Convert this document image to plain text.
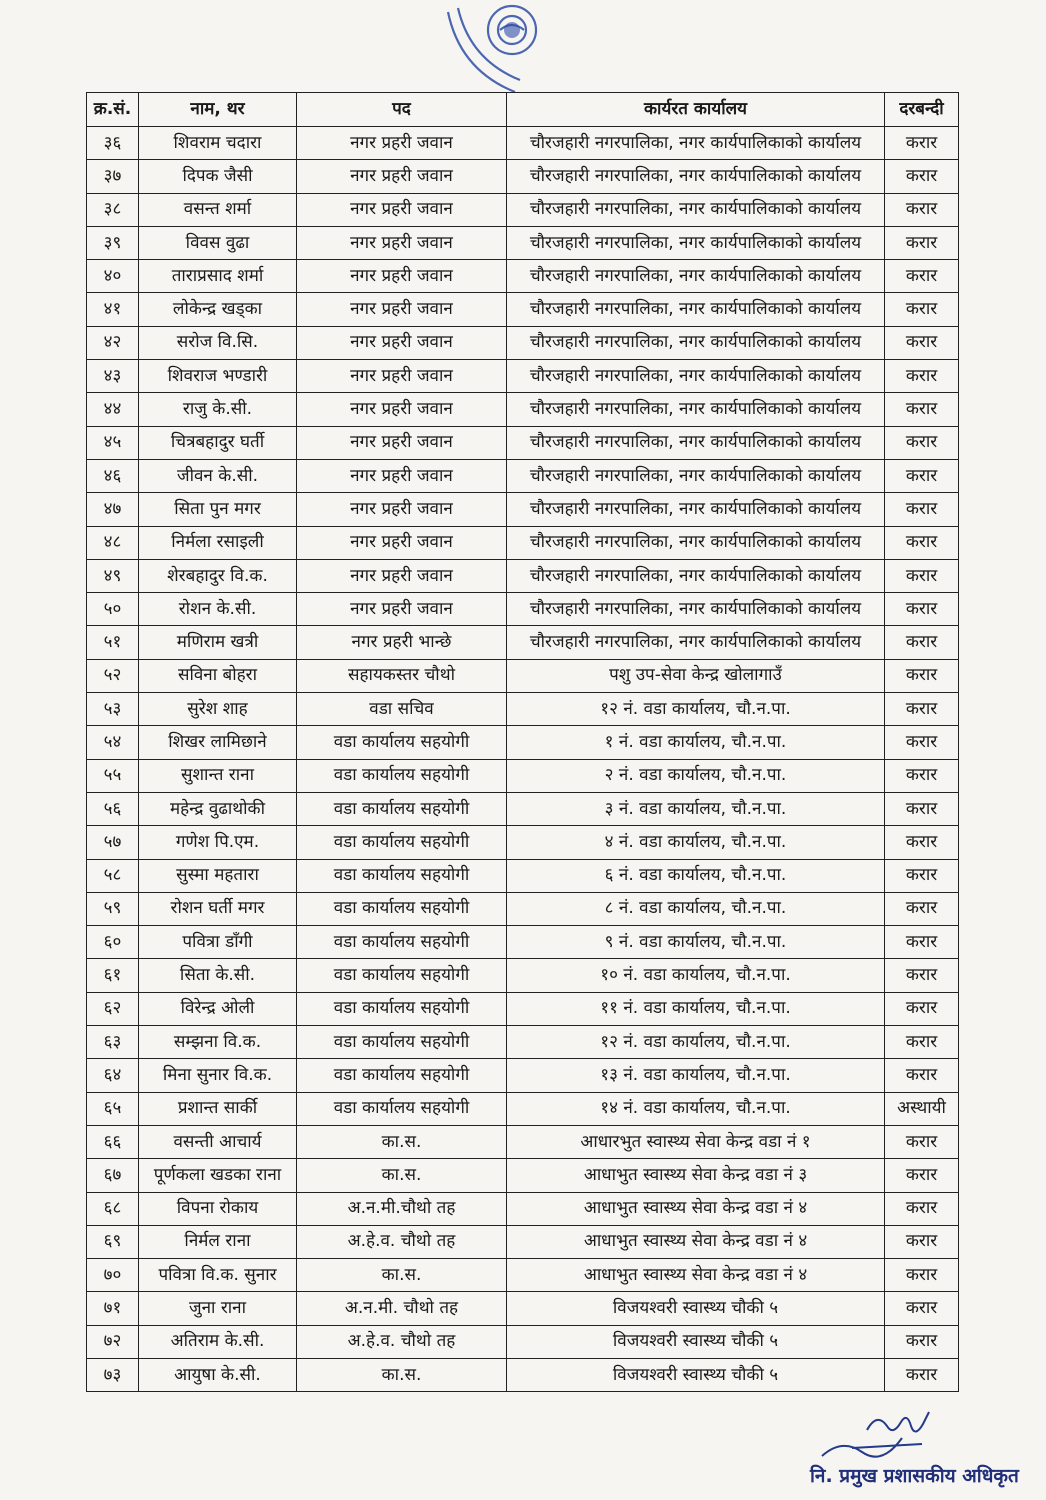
क्र.सं.	नाम, थर	पद	कार्यरत कार्यालय	दरबन्दी
३६	शिवराम चदारा	नगर प्रहरी जवान	चौरजहारी नगरपालिका, नगर कार्यपालिकाको कार्यालय	करार
३७	दिपक जैसी	नगर प्रहरी जवान	चौरजहारी नगरपालिका, नगर कार्यपालिकाको कार्यालय	करार
३८	वसन्त शर्मा	नगर प्रहरी जवान	चौरजहारी नगरपालिका, नगर कार्यपालिकाको कार्यालय	करार
३९	विवस वुढा	नगर प्रहरी जवान	चौरजहारी नगरपालिका, नगर कार्यपालिकाको कार्यालय	करार
४०	ताराप्रसाद शर्मा	नगर प्रहरी जवान	चौरजहारी नगरपालिका, नगर कार्यपालिकाको कार्यालय	करार
४१	लोकेन्द्र खड्का	नगर प्रहरी जवान	चौरजहारी नगरपालिका, नगर कार्यपालिकाको कार्यालय	करार
४२	सरोज वि.सि.	नगर प्रहरी जवान	चौरजहारी नगरपालिका, नगर कार्यपालिकाको कार्यालय	करार
४३	शिवराज भण्डारी	नगर प्रहरी जवान	चौरजहारी नगरपालिका, नगर कार्यपालिकाको कार्यालय	करार
४४	राजु के.सी.	नगर प्रहरी जवान	चौरजहारी नगरपालिका, नगर कार्यपालिकाको कार्यालय	करार
४५	चित्रबहादुर घर्ती	नगर प्रहरी जवान	चौरजहारी नगरपालिका, नगर कार्यपालिकाको कार्यालय	करार
४६	जीवन के.सी.	नगर प्रहरी जवान	चौरजहारी नगरपालिका, नगर कार्यपालिकाको कार्यालय	करार
४७	सिता पुन मगर	नगर प्रहरी जवान	चौरजहारी नगरपालिका, नगर कार्यपालिकाको कार्यालय	करार
४८	निर्मला रसाइली	नगर प्रहरी जवान	चौरजहारी नगरपालिका, नगर कार्यपालिकाको कार्यालय	करार
४९	शेरबहादुर वि.क.	नगर प्रहरी जवान	चौरजहारी नगरपालिका, नगर कार्यपालिकाको कार्यालय	करार
५०	रोशन के.सी.	नगर प्रहरी जवान	चौरजहारी नगरपालिका, नगर कार्यपालिकाको कार्यालय	करार
५१	मणिराम खत्री	नगर प्रहरी भान्छे	चौरजहारी नगरपालिका, नगर कार्यपालिकाको कार्यालय	करार
५२	सविना बोहरा	सहायकस्तर चौथो	पशु उप-सेवा केन्द्र खोलागाउँ	करार
५३	सुरेश शाह	वडा सचिव	१२ नं. वडा कार्यालय, चौ.न.पा.	करार
५४	शिखर लामिछाने	वडा कार्यालय सहयोगी	१ नं. वडा कार्यालय, चौ.न.पा.	करार
५५	सुशान्त राना	वडा कार्यालय सहयोगी	२ नं. वडा कार्यालय, चौ.न.पा.	करार
५६	महेन्द्र वुढाथोकी	वडा कार्यालय सहयोगी	३ नं. वडा कार्यालय, चौ.न.पा.	करार
५७	गणेश पि.एम.	वडा कार्यालय सहयोगी	४ नं. वडा कार्यालय, चौ.न.पा.	करार
५८	सुस्मा महतारा	वडा कार्यालय सहयोगी	६ नं. वडा कार्यालय, चौ.न.पा.	करार
५९	रोशन घर्ती मगर	वडा कार्यालय सहयोगी	८ नं. वडा कार्यालय, चौ.न.पा.	करार
६०	पवित्रा डाँगी	वडा कार्यालय सहयोगी	९ नं. वडा कार्यालय, चौ.न.पा.	करार
६१	सिता के.सी.	वडा कार्यालय सहयोगी	१० नं. वडा कार्यालय, चौ.न.पा.	करार
६२	विरेन्द्र ओली	वडा कार्यालय सहयोगी	११ नं. वडा कार्यालय, चौ.न.पा.	करार
६३	सम्झना वि.क.	वडा कार्यालय सहयोगी	१२ नं. वडा कार्यालय, चौ.न.पा.	करार
६४	मिना सुनार वि.क.	वडा कार्यालय सहयोगी	१३ नं. वडा कार्यालय, चौ.न.पा.	करार
६५	प्रशान्त सार्की	वडा कार्यालय सहयोगी	१४ नं. वडा कार्यालय, चौ.न.पा.	अस्थायी
६६	वसन्ती आचार्य	का.स.	आधारभुत स्वास्थ्य सेवा केन्द्र वडा नं १	करार
६७	पूर्णकला खडका राना	का.स.	आधाभुत स्वास्थ्य सेवा केन्द्र वडा नं ३	करार
६८	विपना रोकाय	अ.न.मी.चौथो तह	आधाभुत स्वास्थ्य सेवा केन्द्र वडा नं ४	करार
६९	निर्मल राना	अ.हे.व. चौथो तह	आधाभुत स्वास्थ्य सेवा केन्द्र वडा नं ४	करार
७०	पवित्रा वि.क. सुनार	का.स.	आधाभुत स्वास्थ्य सेवा केन्द्र वडा नं ४	करार
७१	जुना राना	अ.न.मी. चौथो तह	विजयश्वरी स्वास्थ्य चौकी ५	करार
७२	अतिराम के.सी.	अ.हे.व. चौथो तह	विजयश्वरी स्वास्थ्य चौकी ५	करार
७३	आयुषा के.सी.	का.स.	विजयश्वरी स्वास्थ्य चौकी ५	करार
नि. प्रमुख प्रशासकीय अधिकृत
